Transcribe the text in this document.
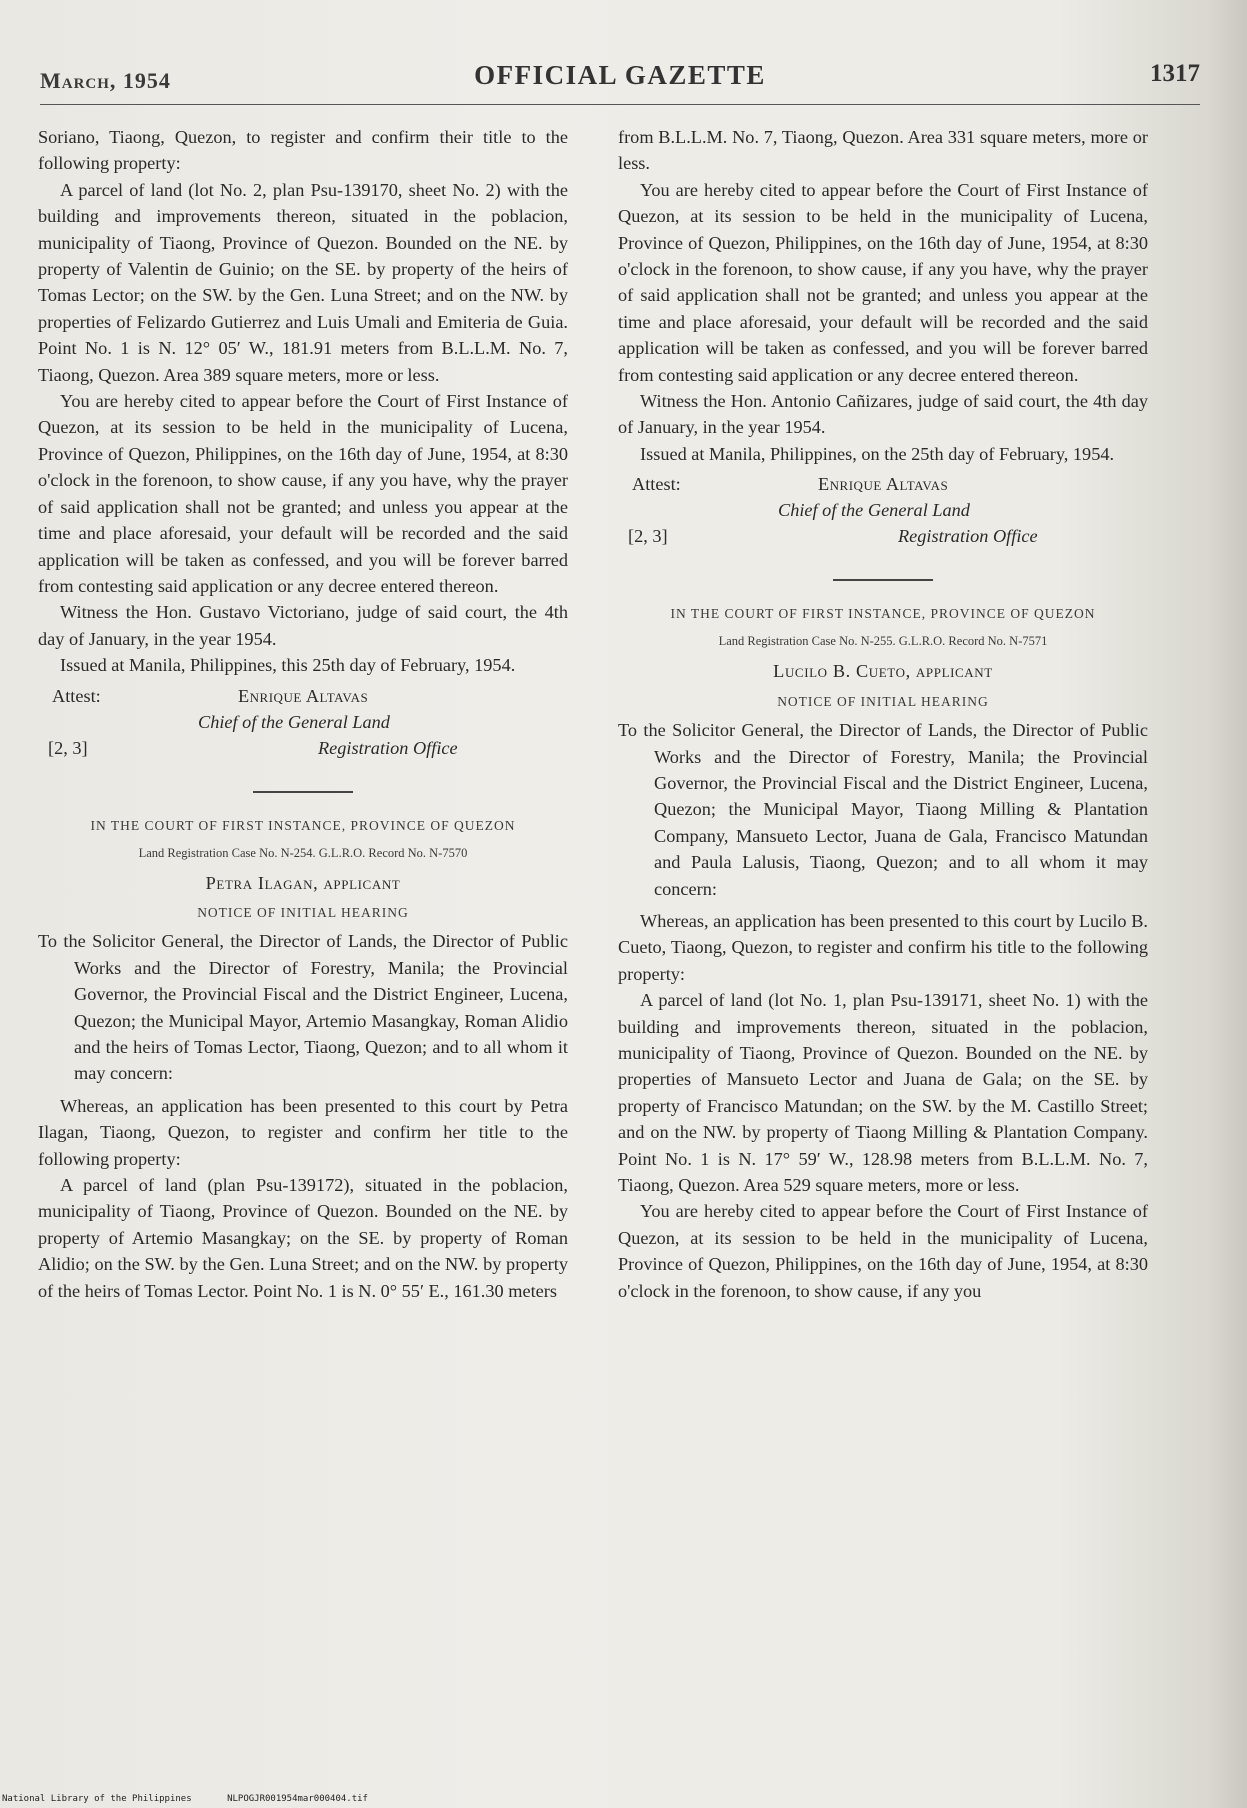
March, 1954	OFFICIAL GAZETTE	1317

Soriano, Tiaong, Quezon, to register and confirm their title to the following property:

A parcel of land (lot No. 2, plan Psu-139170, sheet No. 2) with the building and improvements thereon, situated in the poblacion, municipality of Tiaong, Province of Quezon. Bounded on the NE. by property of Valentin de Guinio; on the SE. by property of the heirs of Tomas Lector; on the SW. by the Gen. Luna Street; and on the NW. by properties of Felizardo Gutierrez and Luis Umali and Emiteria de Guia. Point No. 1 is N. 12° 05′ W., 181.91 meters from B.L.L.M. No. 7, Tiaong, Quezon. Area 389 square meters, more or less.

You are hereby cited to appear before the Court of First Instance of Quezon, at its session to be held in the municipality of Lucena, Province of Quezon, Philippines, on the 16th day of June, 1954, at 8:30 o'clock in the forenoon, to show cause, if any you have, why the prayer of said application shall not be granted; and unless you appear at the time and place aforesaid, your default will be recorded and the said application will be taken as confessed, and you will be forever barred from contesting said application or any decree entered thereon.

Witness the Hon. Gustavo Victoriano, judge of said court, the 4th day of January, in the year 1954.

Issued at Manila, Philippines, this 25th day of February, 1954.

Attest:	Enrique Altavas
Chief of the General Land
[2, 3]	Registration Office
IN THE COURT OF FIRST INSTANCE, PROVINCE OF QUEZON
Land Registration Case No. N-254. G.L.R.O. Record No. N-7570
Petra Ilagan, applicant
NOTICE OF INITIAL HEARING
To the Solicitor General, the Director of Lands, the Director of Public Works and the Director of Forestry, Manila; the Provincial Governor, the Provincial Fiscal and the District Engineer, Lucena, Quezon; the Municipal Mayor, Artemio Masangkay, Roman Alidio and the heirs of Tomas Lector, Tiaong, Quezon; and to all whom it may concern:

Whereas, an application has been presented to this court by Petra Ilagan, Tiaong, Quezon, to register and confirm her title to the following property:

A parcel of land (plan Psu-139172), situated in the poblacion, municipality of Tiaong, Province of Quezon. Bounded on the NE. by property of Artemio Masangkay; on the SE. by property of Roman Alidio; on the SW. by the Gen. Luna Street; and on the NW. by property of the heirs of Tomas Lector. Point No. 1 is N. 0° 55′ E., 161.30 meters

from B.L.L.M. No. 7, Tiaong, Quezon. Area 331 square meters, more or less.

You are hereby cited to appear before the Court of First Instance of Quezon, at its session to be held in the municipality of Lucena, Province of Quezon, Philippines, on the 16th day of June, 1954, at 8:30 o'clock in the forenoon, to show cause, if any you have, why the prayer of said application shall not be granted; and unless you appear at the time and place aforesaid, your default will be recorded and the said application will be taken as confessed, and you will be forever barred from contesting said application or any decree entered thereon.

Witness the Hon. Antonio Cañizares, judge of said court, the 4th day of January, in the year 1954.

Issued at Manila, Philippines, on the 25th day of February, 1954.

Attest:	Enrique Altavas
Chief of the General Land
[2, 3]	Registration Office
IN THE COURT OF FIRST INSTANCE, PROVINCE OF QUEZON
Land Registration Case No. N-255. G.L.R.O. Record No. N-7571
Lucilo B. Cueto, applicant
NOTICE OF INITIAL HEARING
To the Solicitor General, the Director of Lands, the Director of Public Works and the Director of Forestry, Manila; the Provincial Governor, the Provincial Fiscal and the District Engineer, Lucena, Quezon; the Municipal Mayor, Tiaong Milling & Plantation Company, Mansueto Lector, Juana de Gala, Francisco Matundan and Paula Lalusis, Tiaong, Quezon; and to all whom it may concern:

Whereas, an application has been presented to this court by Lucilo B. Cueto, Tiaong, Quezon, to register and confirm his title to the following property:

A parcel of land (lot No. 1, plan Psu-139171, sheet No. 1) with the building and improvements thereon, situated in the poblacion, municipality of Tiaong, Province of Quezon. Bounded on the NE. by properties of Mansueto Lector and Juana de Gala; on the SE. by property of Francisco Matundan; on the SW. by the M. Castillo Street; and on the NW. by property of Tiaong Milling & Plantation Company. Point No. 1 is N. 17° 59′ W., 128.98 meters from B.L.L.M. No. 7, Tiaong, Quezon. Area 529 square meters, more or less.

You are hereby cited to appear before the Court of First Instance of Quezon, at its session to be held in the municipality of Lucena, Province of Quezon, Philippines, on the 16th day of June, 1954, at 8:30 o'clock in the forenoon, to show cause, if any you

National Library of the Philippines	NLPOGJR001954mar000404.tif
